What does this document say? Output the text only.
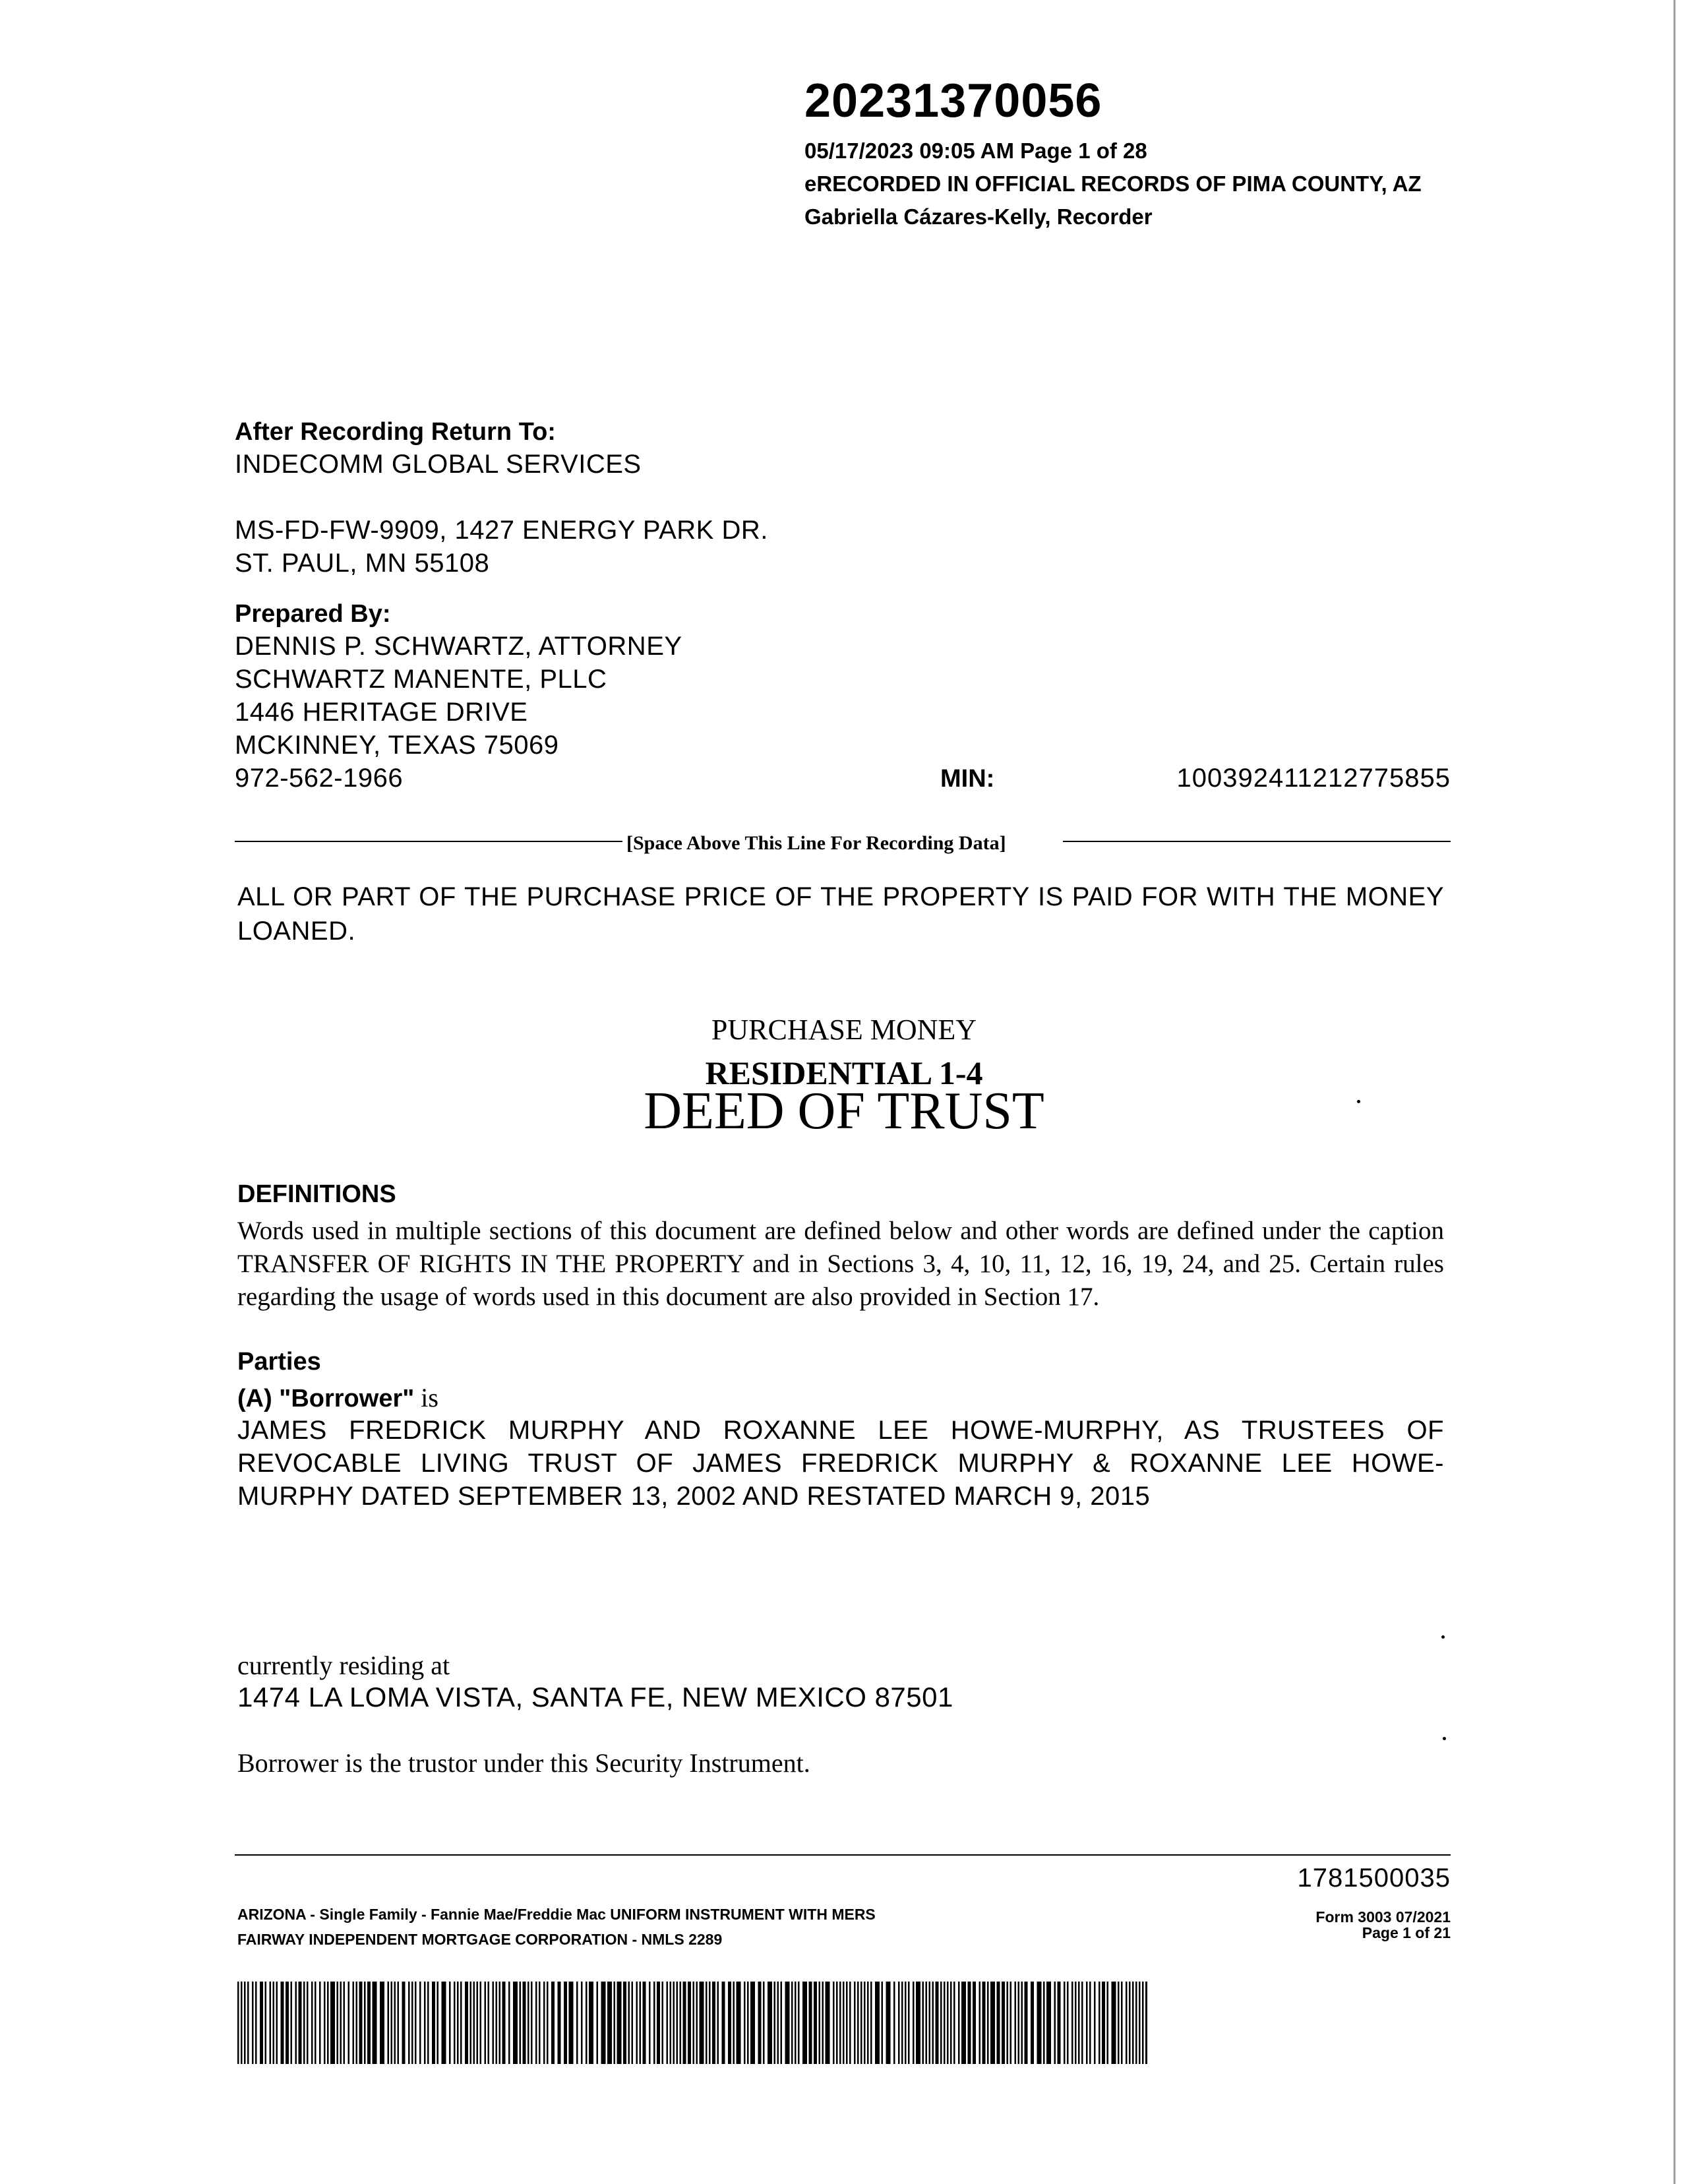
20231370056
05/17/2023 09:05 AM Page 1 of 28
eRECORDED IN OFFICIAL RECORDS OF PIMA COUNTY, AZ
Gabriella Cázares-Kelly, Recorder
After Recording Return To:
INDECOMM GLOBAL SERVICES
MS-FD-FW-9909, 1427 ENERGY PARK DR.
ST. PAUL, MN 55108
Prepared By:
DENNIS P. SCHWARTZ, ATTORNEY
SCHWARTZ MANENTE, PLLC
1446 HERITAGE DRIVE
MCKINNEY, TEXAS 75069
972-562-1966	MIN:	100392411212775855
[Space Above This Line For Recording Data]
ALL OR PART OF THE PURCHASE PRICE OF THE PROPERTY IS PAID FOR WITH THE MONEY LOANED.
PURCHASE MONEY
RESIDENTIAL 1-4
DEED OF TRUST
DEFINITIONS
Words used in multiple sections of this document are defined below and other words are defined under the caption TRANSFER OF RIGHTS IN THE PROPERTY and in Sections 3, 4, 10, 11, 12, 16, 19, 24, and 25. Certain rules regarding the usage of words used in this document are also provided in Section 17.
Parties
(A) "Borrower" is
JAMES FREDRICK MURPHY AND ROXANNE LEE HOWE-MURPHY, AS TRUSTEES OF REVOCABLE LIVING TRUST OF JAMES FREDRICK MURPHY & ROXANNE LEE HOWE-MURPHY DATED SEPTEMBER 13, 2002 AND RESTATED MARCH 9, 2015
currently residing at
1474 LA LOMA VISTA, SANTA FE, NEW MEXICO 87501
Borrower is the trustor under this Security Instrument.
1781500035
ARIZONA - Single Family - Fannie Mae/Freddie Mac UNIFORM INSTRUMENT WITH MERS
FAIRWAY INDEPENDENT MORTGAGE CORPORATION - NMLS 2289
Form 3003 07/2021
Page 1 of 21
